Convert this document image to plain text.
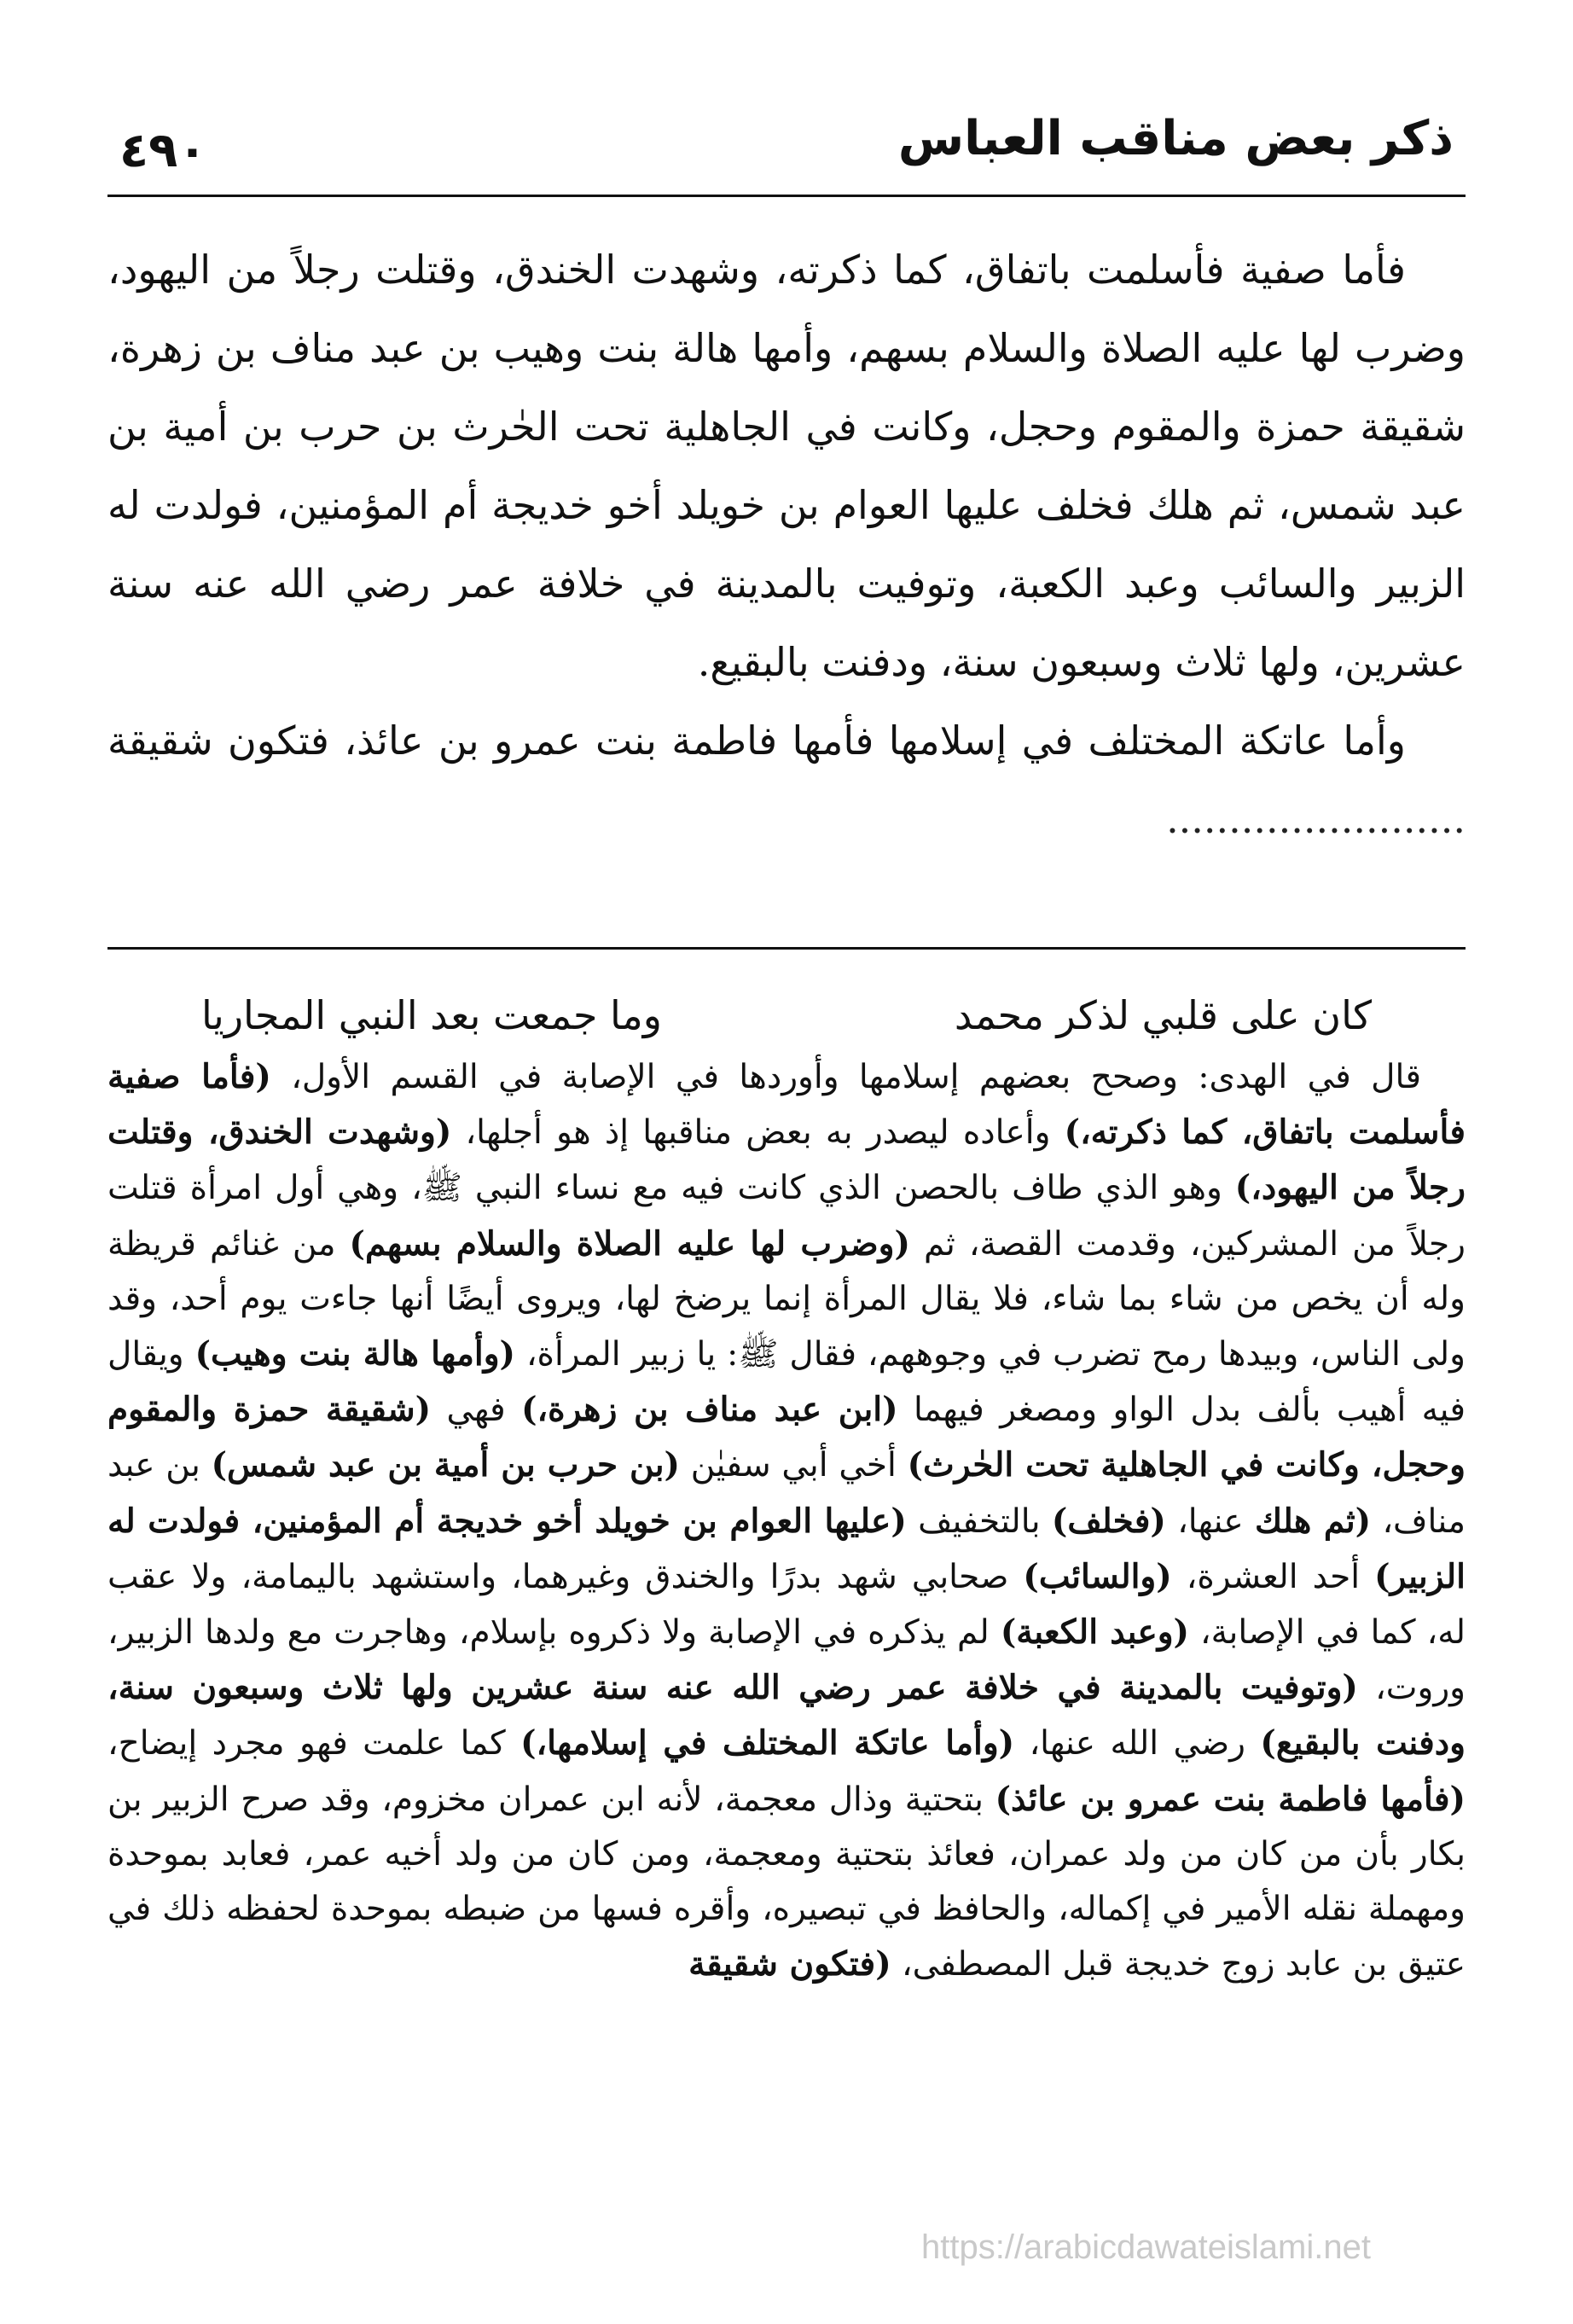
ذكر بعض مناقب العباس
٤٩٠

فأما صفية فأسلمت باتفاق، كما ذكرته، وشهدت الخندق، وقتلت رجلاً من اليهود، وضرب لها عليه الصلاة والسلام بسهم، وأمها هالة بنت وهيب بن عبد مناف بن زهرة، شقيقة حمزة والمقوم وحجل، وكانت في الجاهلية تحت الحٰرث بن حرب بن أمية بن عبد شمس، ثم هلك فخلف عليها العوام بن خويلد أخو خديجة أم المؤمنين، فولدت له الزبير والسائب وعبد الكعبة، وتوفيت بالمدينة في خلافة عمر رضي الله عنه سنة عشرين، ولها ثلاث وسبعون سنة، ودفنت بالبقيع.

وأما عاتكة المختلف في إسلامها فأمها فاطمة بنت عمرو بن عائذ، فتكون شقيقة ........................

كان على قلبي لذكر محمد
وما جمعت بعد النبي المجاريا

قال في الهدى: وصحح بعضهم إسلامها وأوردها في الإصابة في القسم الأول، (فأما صفية فأسلمت باتفاق، كما ذكرته،) وأعاده ليصدر به بعض مناقبها إذ هو أجلها، (وشهدت الخندق، وقتلت رجلاً من اليهود،) وهو الذي طاف بالحصن الذي كانت فيه مع نساء النبي ﷺ، وهي أول امرأة قتلت رجلاً من المشركين، وقدمت القصة، ثم (وضرب لها عليه الصلاة والسلام بسهم) من غنائم قريظة وله أن يخص من شاء بما شاء، فلا يقال المرأة إنما يرضخ لها، ويروى أيضًا أنها جاءت يوم أحد، وقد ولى الناس، وبيدها رمح تضرب في وجوههم، فقال ﷺ: يا زبير المرأة، (وأمها هالة بنت وهيب) ويقال فيه أهيب بألف بدل الواو ومصغر فيهما (ابن عبد مناف بن زهرة،) فهي (شقيقة حمزة والمقوم وحجل، وكانت في الجاهلية تحت الحٰرث) أخي أبي سفيٰن (بن حرب بن أمية بن عبد شمس) بن عبد مناف، (ثم هلك عنها، (فخلف) بالتخفيف (عليها العوام بن خويلد أخو خديجة أم المؤمنين، فولدت له الزبير) أحد العشرة، (والسائب) صحابي شهد بدرًا والخندق وغيرهما، واستشهد باليمامة، ولا عقب له، كما في الإصابة، (وعبد الكعبة) لم يذكره في الإصابة ولا ذكروه بإسلام، وهاجرت مع ولدها الزبير، وروت، (وتوفيت بالمدينة في خلافة عمر رضي الله عنه سنة عشرين ولها ثلاث وسبعون سنة، ودفنت بالبقيع) رضي الله عنها، (وأما عاتكة المختلف في إسلامها،) كما علمت فهو مجرد إيضاح، (فأمها فاطمة بنت عمرو بن عائذ) بتحتية وذال معجمة، لأنه ابن عمران مخزوم، وقد صرح الزبير بن بكار بأن من كان من ولد عمران، فعائذ بتحتية ومعجمة، ومن كان من ولد أخيه عمر، فعابد بموحدة ومهملة نقله الأمير في إكماله، والحافظ في تبصيره، وأقره فسها من ضبطه بموحدة لحفظه ذلك في عتيق بن عابد زوج خديجة قبل المصطفى، (فتكون شقيقة

https://arabicdawateislami.net
